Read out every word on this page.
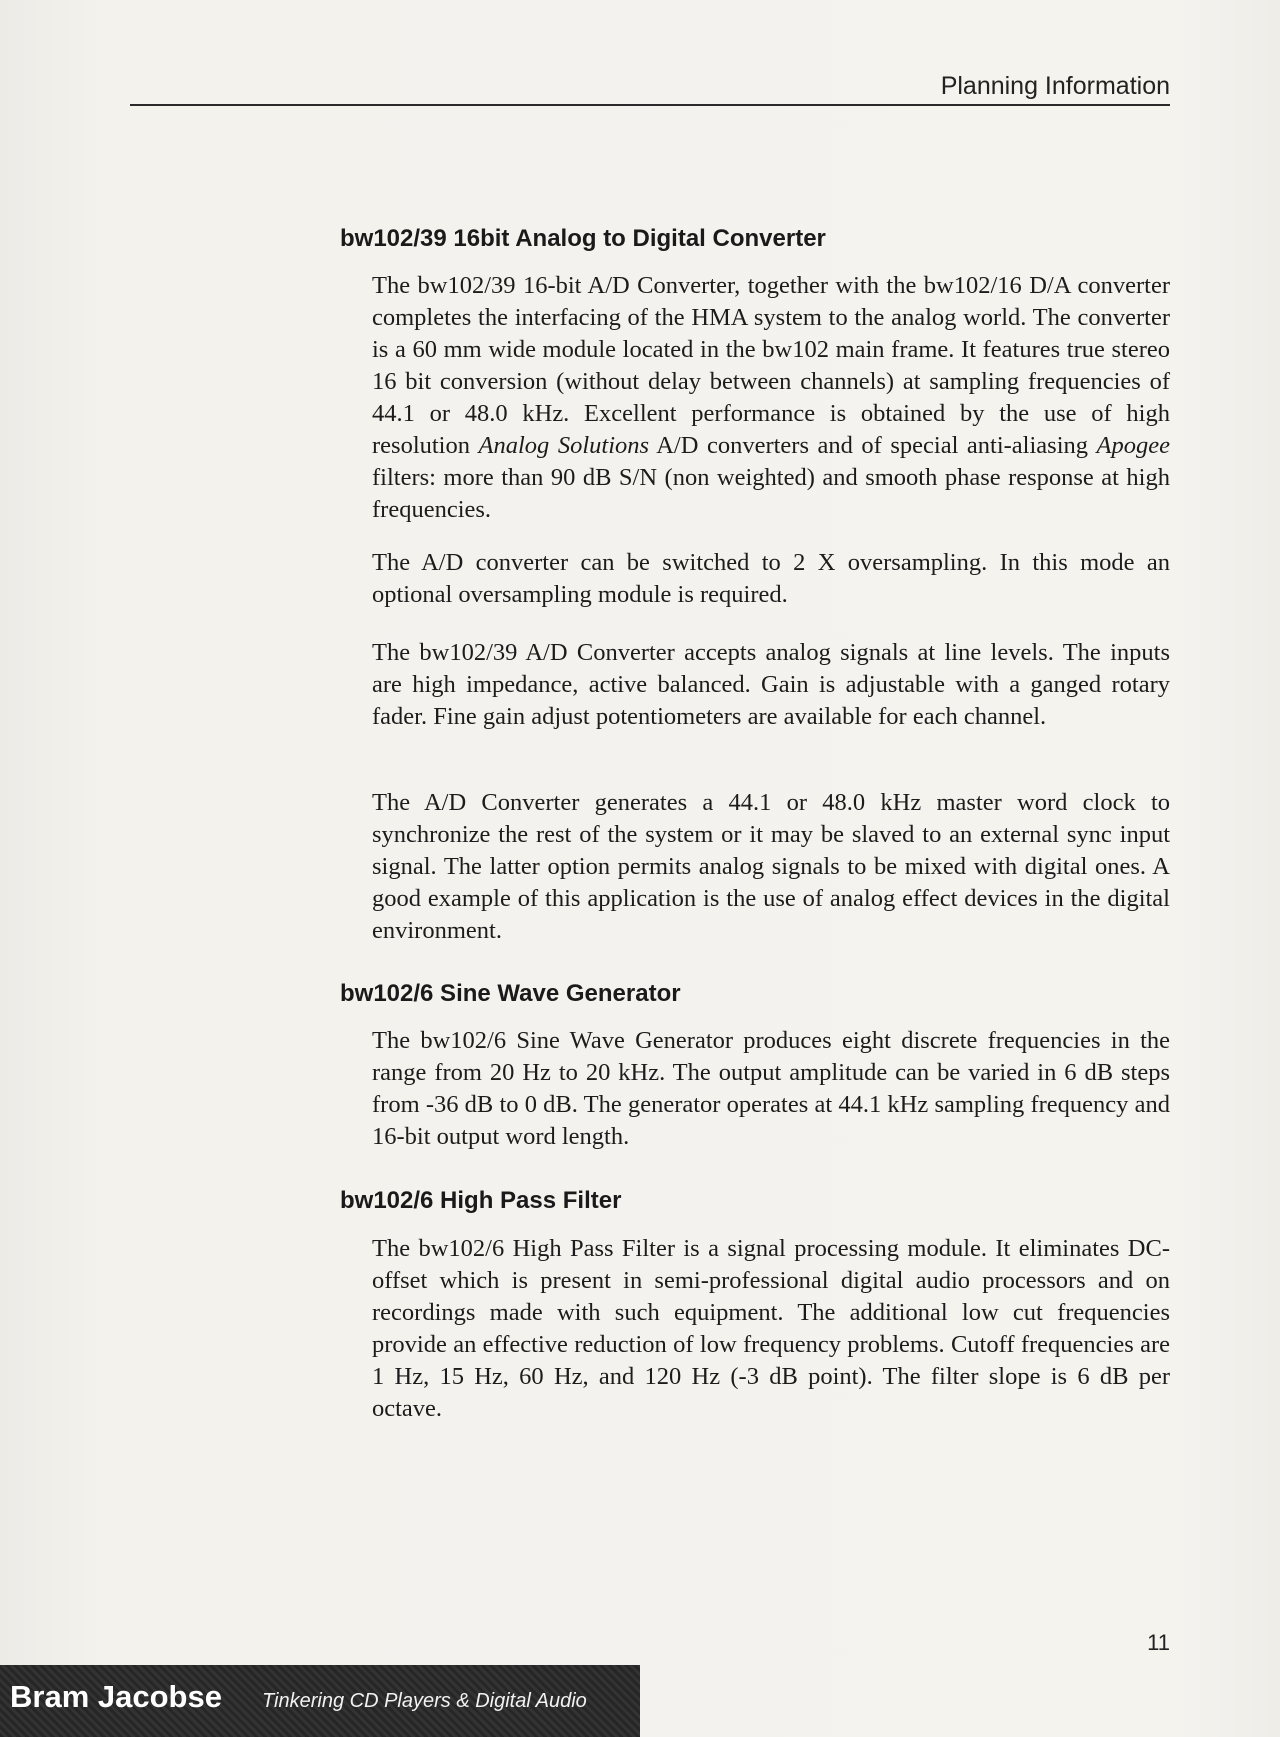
Planning Information
bw102/39 16bit Analog to Digital Converter

The bw102/39 16-bit A/D Converter, together with the bw102/16 D/A converter completes the interfacing of the HMA system to the analog world. The converter is a 60 mm wide module located in the bw102 main frame. It features true stereo 16 bit conversion (without delay between channels) at sampling frequencies of 44.1 or 48.0 kHz. Excellent performance is obtained by the use of high resolution Analog Solutions A/D converters and of special anti-aliasing Apogee filters: more than 90 dB S/N (non weighted) and smooth phase response at high frequencies.

The A/D converter can be switched to 2 X oversampling. In this mode an optional oversampling module is required.

The bw102/39 A/D Converter accepts analog signals at line levels. The inputs are high impedance, active balanced. Gain is adjustable with a ganged rotary fader. Fine gain adjust potentiometers are available for each channel.

The A/D Converter generates a 44.1 or 48.0 kHz master word clock to synchronize the rest of the system or it may be slaved to an external sync input signal. The latter option permits analog signals to be mixed with digital ones. A good example of this application is the use of analog effect devices in the digital environment.

bw102/6 Sine Wave Generator

The bw102/6 Sine Wave Generator produces eight discrete frequencies in the range from 20 Hz to 20 kHz. The output amplitude can be varied in 6 dB steps from -36 dB to 0 dB. The generator operates at 44.1 kHz sampling frequency and 16-bit output word length.

bw102/6 High Pass Filter

The bw102/6 High Pass Filter is a signal processing module. It eliminates DC-offset which is present in semi-professional digital audio processors and on recordings made with such equipment. The additional low cut frequencies provide an effective reduction of low frequency problems. Cutoff frequencies are 1 Hz, 15 Hz, 60 Hz, and 120 Hz (-3 dB point). The filter slope is 6 dB per octave.

11
Bram Jacobse Tinkering CD Players & Digital Audio
